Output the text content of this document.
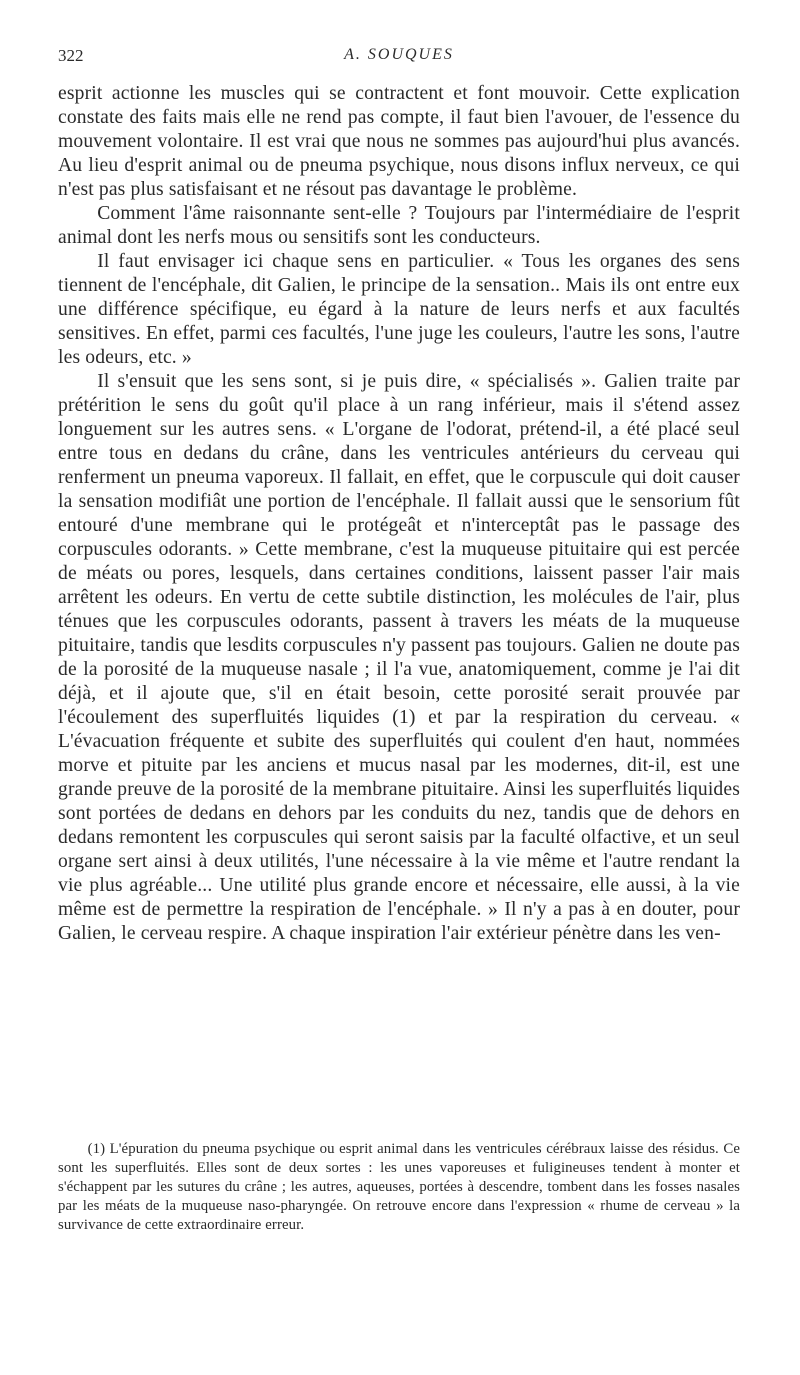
322	A. SOUQUES

esprit actionne les muscles qui se contractent et font mouvoir. Cette explication constate des faits mais elle ne rend pas compte, il faut bien l'avouer, de l'essence du mouvement volontaire. Il est vrai que nous ne sommes pas aujourd'hui plus avancés. Au lieu d'esprit animal ou de pneuma psychique, nous disons influx nerveux, ce qui n'est pas plus satisfaisant et ne résout pas davantage le problème.

Comment l'âme raisonnante sent-elle ? Toujours par l'intermédiaire de l'esprit animal dont les nerfs mous ou sensitifs sont les conducteurs.

Il faut envisager ici chaque sens en particulier. « Tous les organes des sens tiennent de l'encéphale, dit Galien, le principe de la sensation.. Mais ils ont entre eux une différence spécifique, eu égard à la nature de leurs nerfs et aux facultés sensitives. En effet, parmi ces facultés, l'une juge les couleurs, l'autre les sons, l'autre les odeurs, etc. »

Il s'ensuit que les sens sont, si je puis dire, « spécialisés ». Galien traite par prétérition le sens du goût qu'il place à un rang inférieur, mais il s'étend assez longuement sur les autres sens. « L'organe de l'odorat, prétend-il, a été placé seul entre tous en dedans du crâne, dans les ventricules antérieurs du cerveau qui renferment un pneuma vaporeux. Il fallait, en effet, que le corpuscule qui doit causer la sensation modifiât une portion de l'encéphale. Il fallait aussi que le sensorium fût entouré d'une membrane qui le protégeât et n'interceptât pas le passage des corpuscules odorants. » Cette membrane, c'est la muqueuse pituitaire qui est percée de méats ou pores, lesquels, dans certaines conditions, laissent passer l'air mais arrêtent les odeurs. En vertu de cette subtile distinction, les molécules de l'air, plus ténues que les corpuscules odorants, passent à travers les méats de la muqueuse pituitaire, tandis que lesdits corpuscules n'y passent pas toujours. Galien ne doute pas de la porosité de la muqueuse nasale ; il l'a vue, anatomiquement, comme je l'ai dit déjà, et il ajoute que, s'il en était besoin, cette porosité serait prouvée par l'écoulement des superfluités liquides (1) et par la respiration du cerveau. « L'évacuation fréquente et subite des superfluités qui coulent d'en haut, nommées morve et pituite par les anciens et mucus nasal par les modernes, dit-il, est une grande preuve de la porosité de la membrane pituitaire. Ainsi les superfluités liquides sont portées de dedans en dehors par les conduits du nez, tandis que de dehors en dedans remontent les corpuscules qui seront saisis par la faculté olfactive, et un seul organe sert ainsi à deux utilités, l'une nécessaire à la vie même et l'autre rendant la vie plus agréable... Une utilité plus grande encore et nécessaire, elle aussi, à la vie même est de permettre la respiration de l'encéphale. » Il n'y a pas à en douter, pour Galien, le cerveau respire. A chaque inspiration l'air extérieur pénètre dans les ven-

(1) L'épuration du pneuma psychique ou esprit animal dans les ventricules cérébraux laisse des résidus. Ce sont les superfluités. Elles sont de deux sortes : les unes vaporeuses et fuligineuses tendent à monter et s'échappent par les sutures du crâne ; les autres, aqueuses, portées à descendre, tombent dans les fosses nasales par les méats de la muqueuse naso-pharyngée. On retrouve encore dans l'expression « rhume de cerveau » la survivance de cette extraordinaire erreur.
